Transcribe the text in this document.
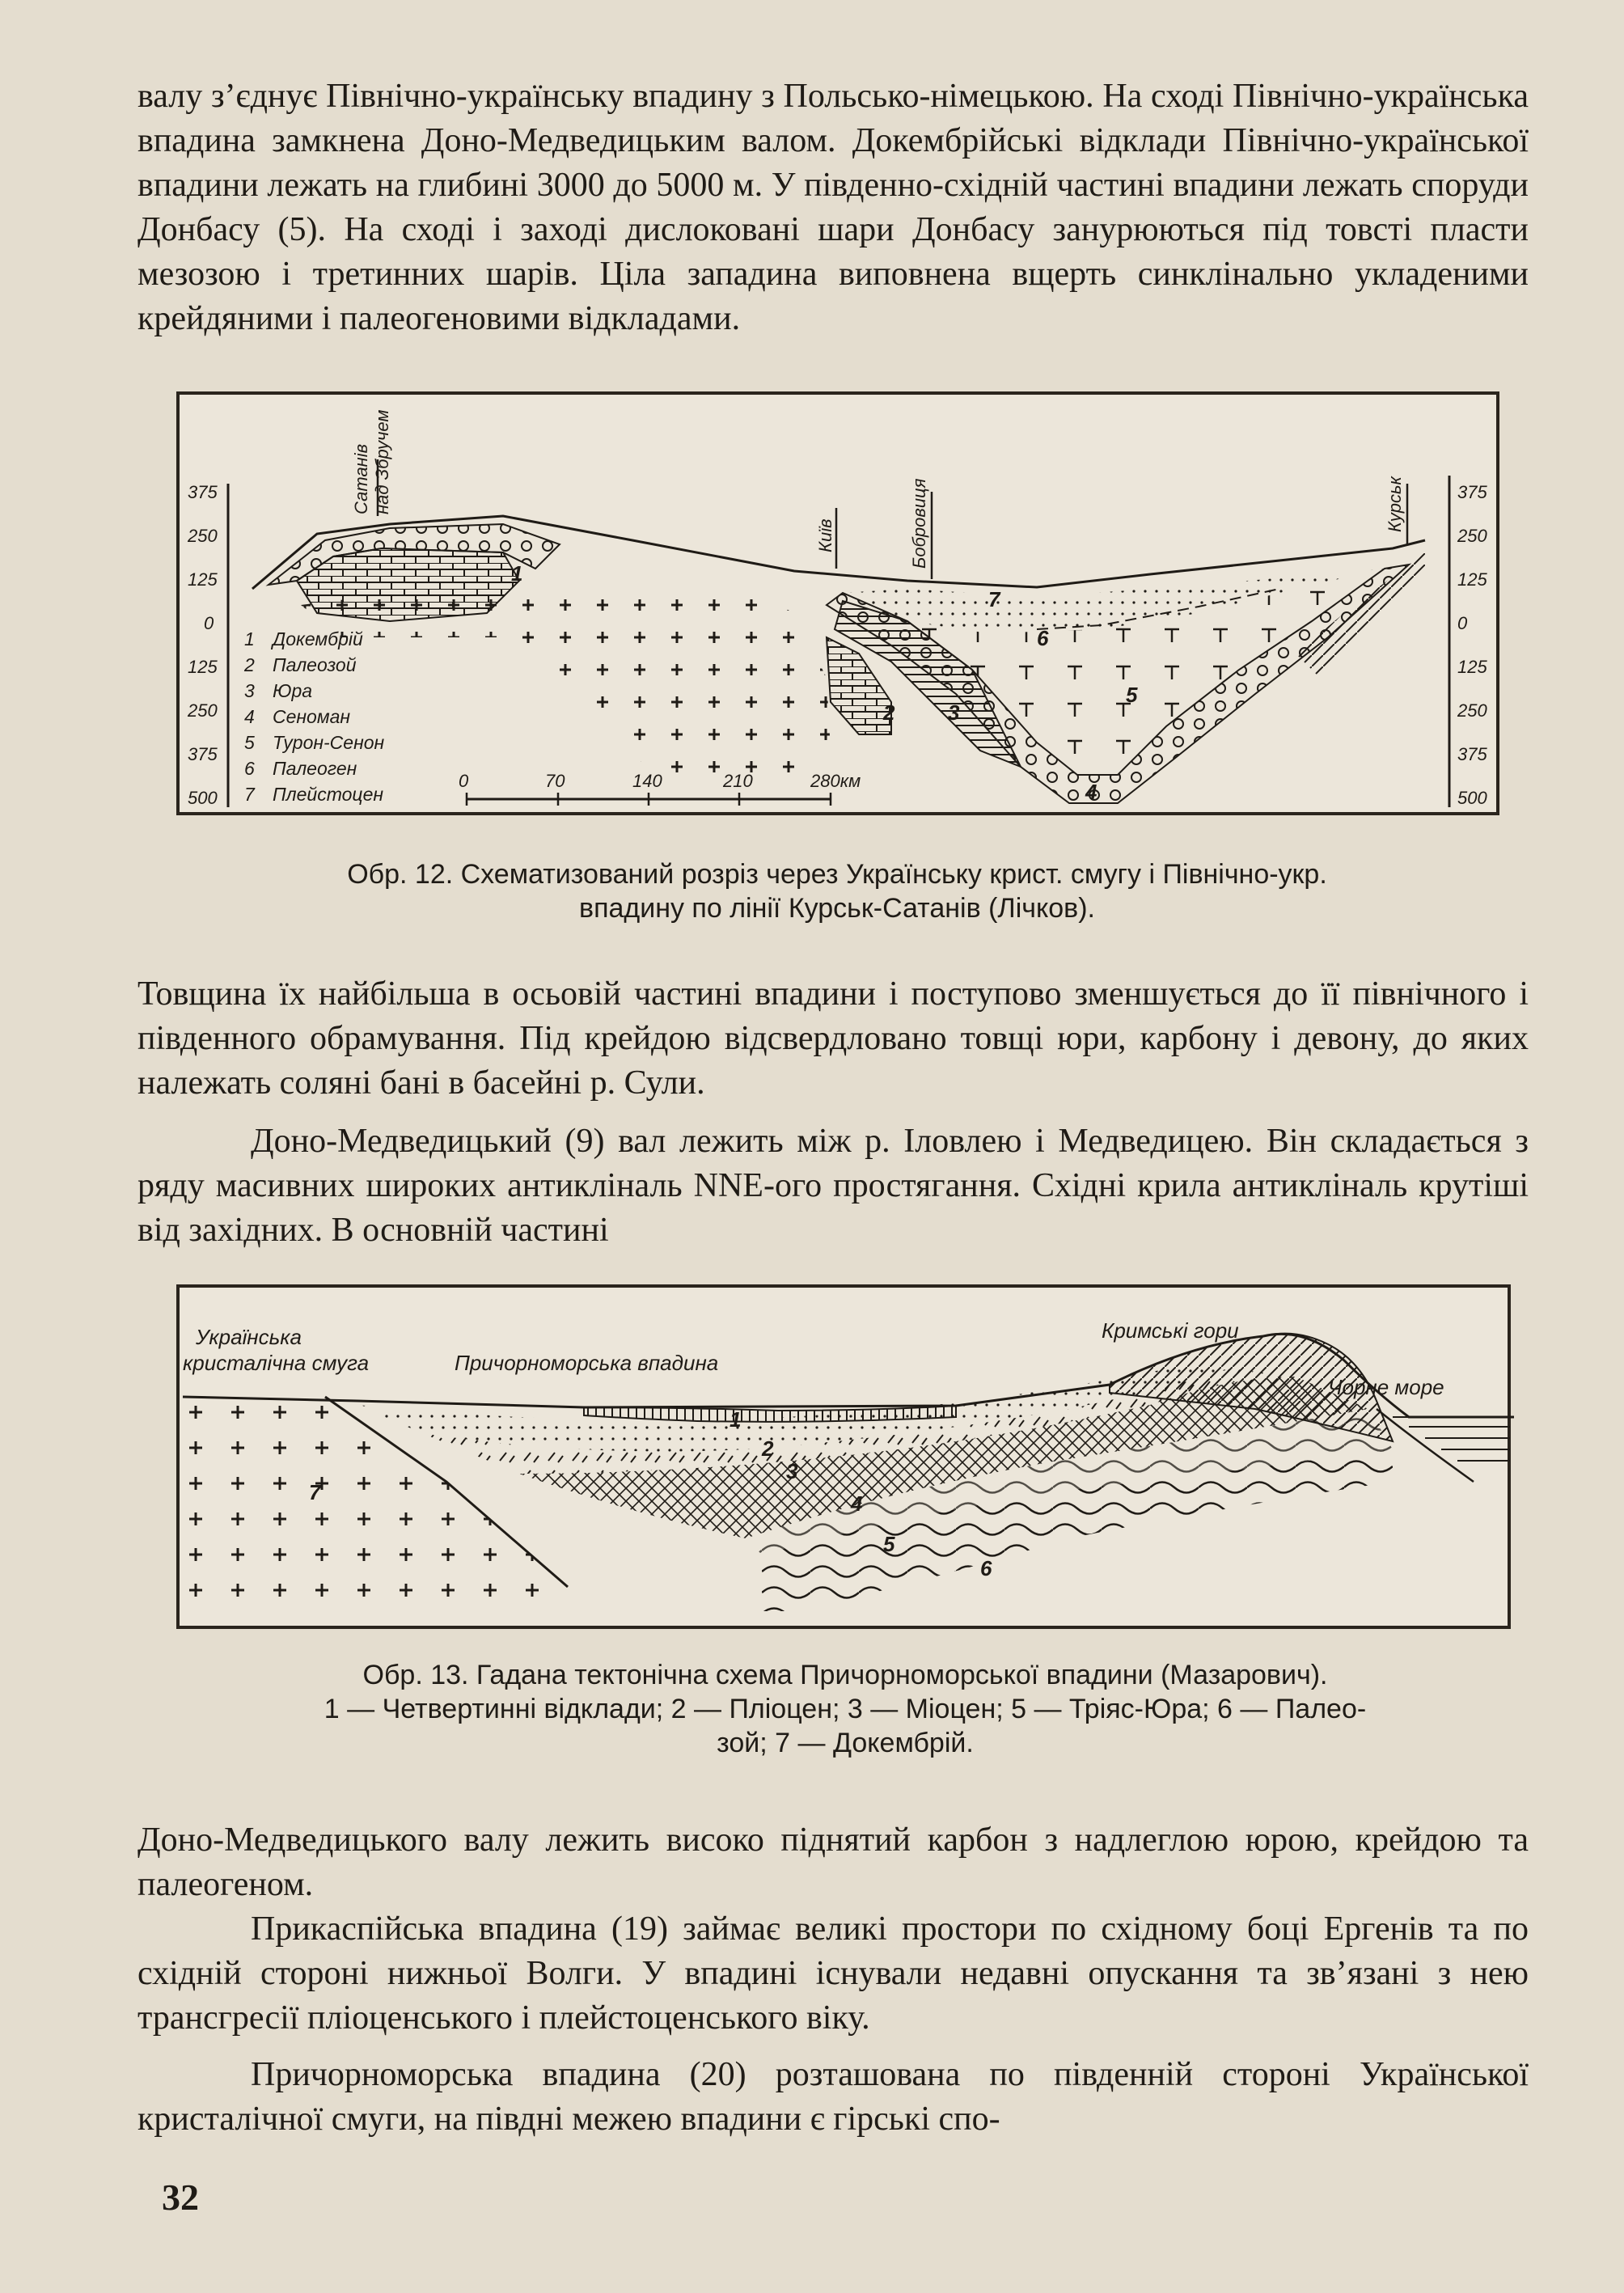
валу з’єднує Північно-українську впадину з Польсько-німецькою. На сході Північно-українська впадина замкнена Доно-Медведицьким валом. Докембрійські відклади Північно-української впадини лежать на глибині 3000 до 5000 м. У південно-східній частині впадини лежать споруди Донбасу (5). На сході і заході дислоковані шари Донбасу занурюються під товсті пласти мезозою і третинних шарів. Ціла западина виповнена вщерть синклінально укладеними крейдяними і палеогеновими відкладами.

375
250
125
0
125
250
375
500
375
250
125
0
125
250
375
500
Сатанів над Збручем
Київ	Бобровиця	Курськ
1
2	3
4
5
6
7
1 Докембрій
2 Палеозой
3 Юра
4 Сеноман
5 Турон-Сенон
6 Палеоген
7 Плейстоцен
0	70	140	210	280км

Обр. 12. Схематизований розріз через Українську крист. смугу і Північно-укр.

впадину по лінії Курськ-Сатанів (Лічков).

Товщина їх найбільша в осьовій частині впадини і поступово зменшується до її північного і південного обрамування. Під крейдою відсвердловано товщі юри, карбону і девону, до яких належать соляні бані в басейні р. Сули.

Доно-Медведицький (9) вал лежить між р. Іловлею і Медведицею. Він складається з ряду масивних широких антикліналь NNE-ого простягання. Східні крила антикліналь крутіші від західних. В основній частині

Українська
кристалічна смуга	Причорноморська впадина
Кримські гори
Чорне море
1
2
3
4
5
6
7

Обр. 13. Гадана тектонічна схема Причорноморської впадини (Мазарович).

1 — Четвертинні відклади; 2 — Пліоцен; 3 — Міоцен; 5 — Тріяс-Юра; 6 — Палео-

зой; 7 — Докембрій.

Доно-Медведицького валу лежить високо піднятий карбон з надлеглою юрою, крейдою та палеогеном.

Прикаспійська впадина (19) займає великі простори по східному боці Ергенів та по східній стороні нижньої Волги. У впадині існували недавні опускання та зв’язані з нею трансгресії пліоценського і плейстоценського віку.

Причорноморська впадина (20) розташована по південній стороні Української кристалічної смуги, на півдні межею впадини є гірські спо-

32
